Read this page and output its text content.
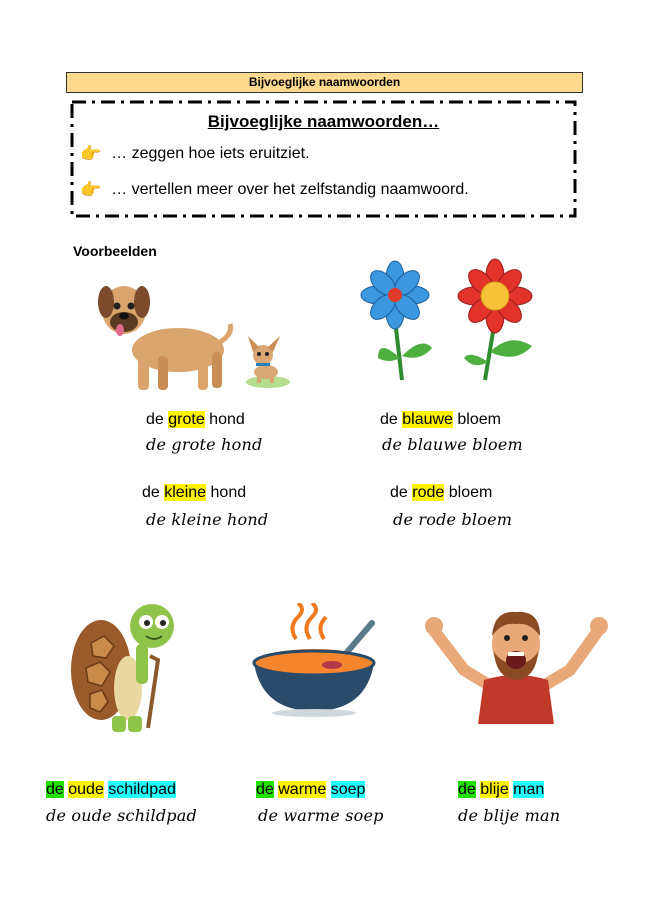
Bijvoeglijke naamwoorden
Bijvoeglijke naamwoorden…
👉 … zeggen hoe iets eruitziet.
👉 … vertellen meer over het zelfstandig naamwoord.
Voorbeelden
de grote hond
de grote hond
de kleine hond
de kleine hond
de blauwe bloem
de blauwe bloem
de rode bloem
de rode bloem
de oude schildpad
de oude schildpad
de warme soep
de warme soep
de blije man
de blije man
